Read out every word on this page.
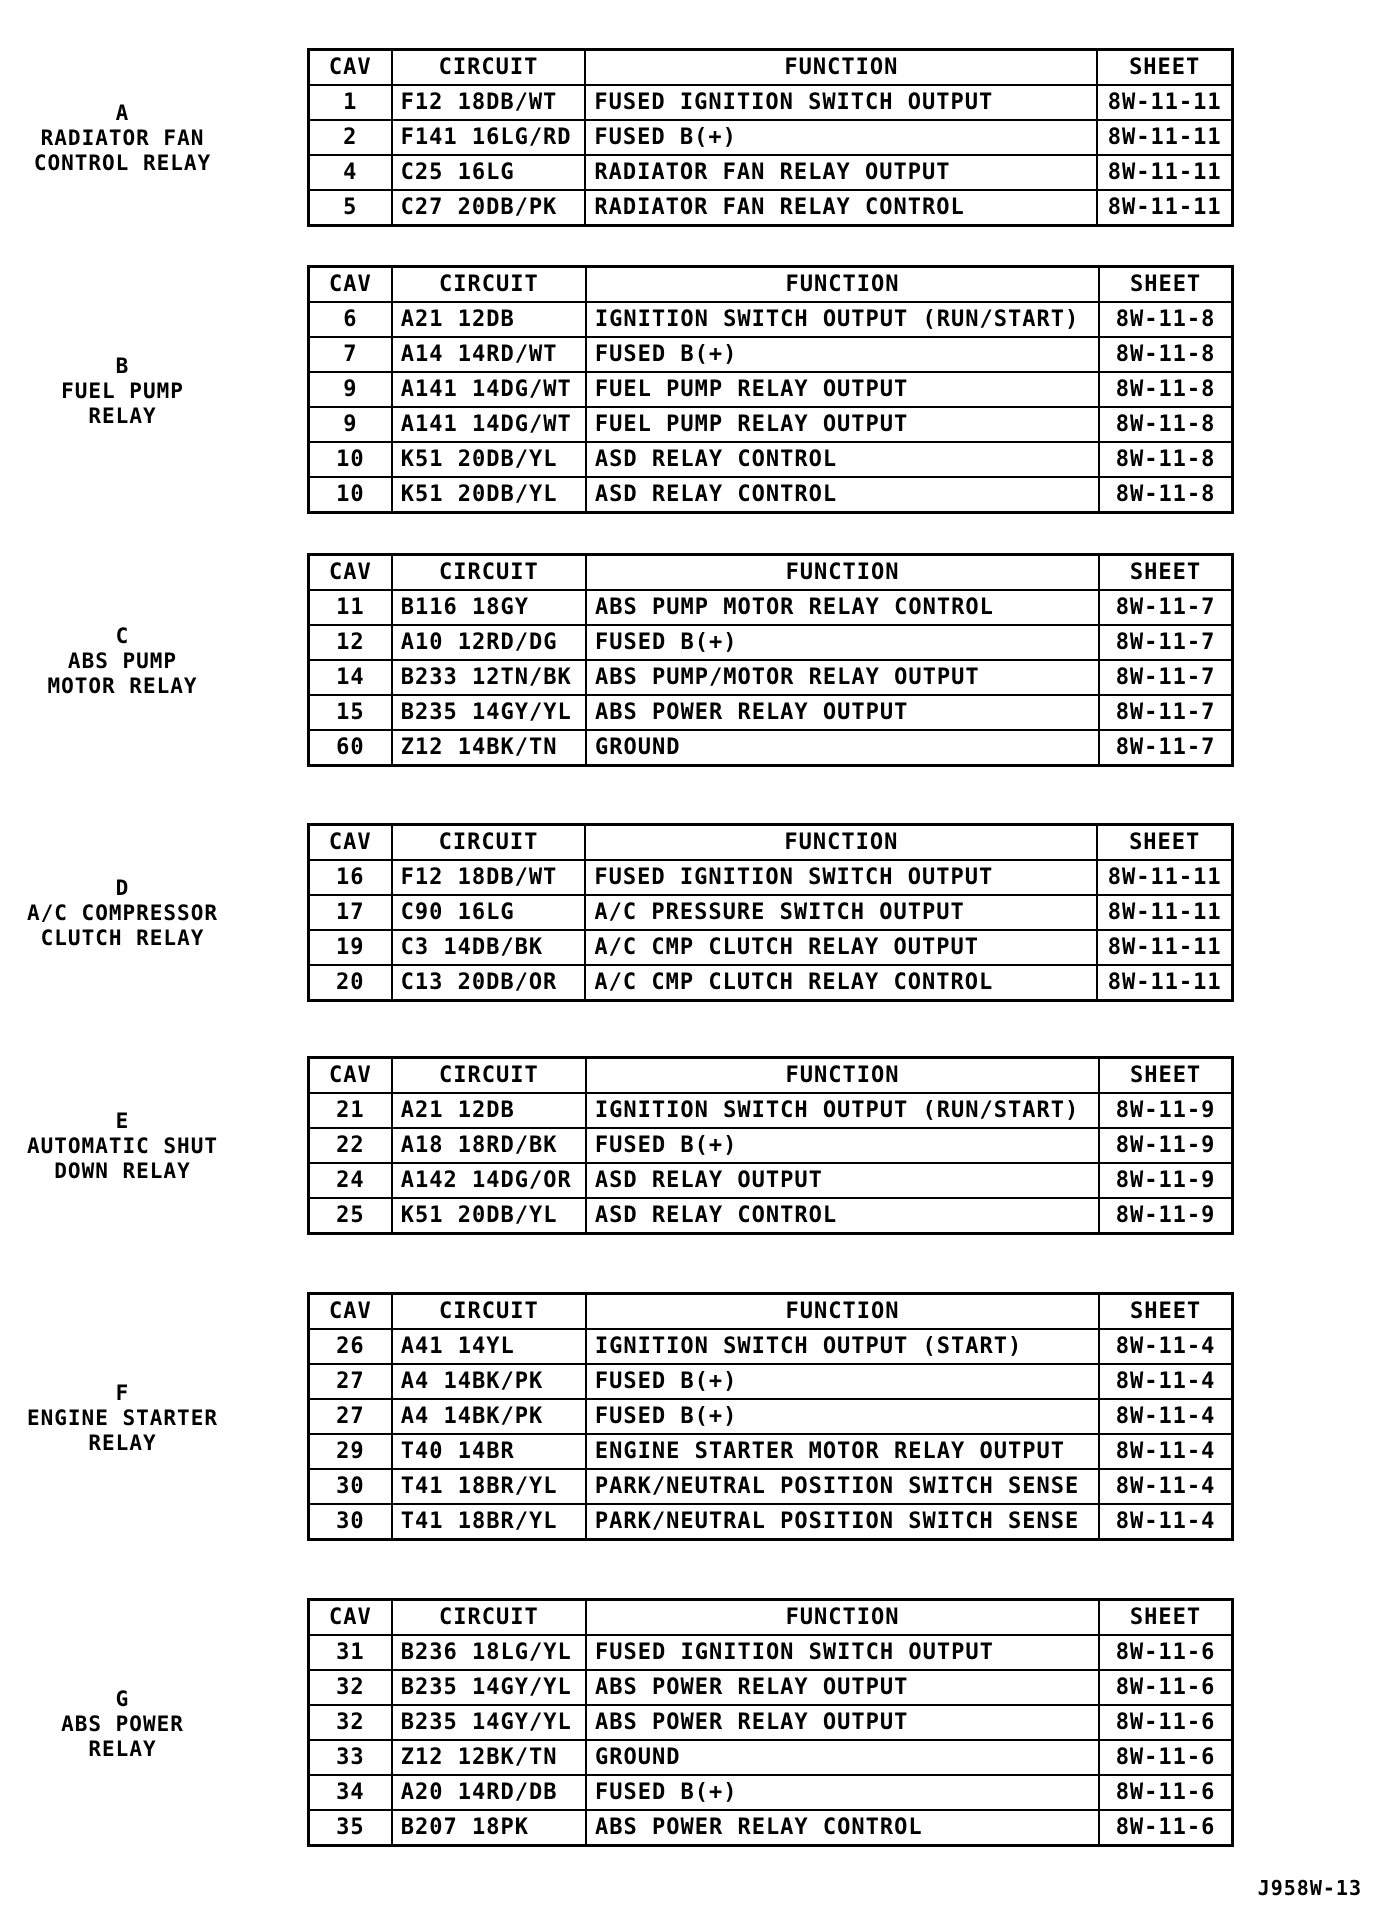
A
RADIATOR FAN
CONTROL RELAY
CAV	CIRCUIT	FUNCTION	SHEET
1	F12 18DB/WT	FUSED IGNITION SWITCH OUTPUT	8W-11-11
2	F141 16LG/RD	FUSED B(+)	8W-11-11
4	C25 16LG	RADIATOR FAN RELAY OUTPUT	8W-11-11
5	C27 20DB/PK	RADIATOR FAN RELAY CONTROL	8W-11-11
B
FUEL PUMP
RELAY
CAV	CIRCUIT	FUNCTION	SHEET
6	A21 12DB	IGNITION SWITCH OUTPUT (RUN/START)	8W-11-8
7	A14 14RD/WT	FUSED B(+)	8W-11-8
9	A141 14DG/WT	FUEL PUMP RELAY OUTPUT	8W-11-8
9	A141 14DG/WT	FUEL PUMP RELAY OUTPUT	8W-11-8
10	K51 20DB/YL	ASD RELAY CONTROL	8W-11-8
10	K51 20DB/YL	ASD RELAY CONTROL	8W-11-8
C
ABS PUMP
MOTOR RELAY
CAV	CIRCUIT	FUNCTION	SHEET
11	B116 18GY	ABS PUMP MOTOR RELAY CONTROL	8W-11-7
12	A10 12RD/DG	FUSED B(+)	8W-11-7
14	B233 12TN/BK	ABS PUMP/MOTOR RELAY OUTPUT	8W-11-7
15	B235 14GY/YL	ABS POWER RELAY OUTPUT	8W-11-7
60	Z12 14BK/TN	GROUND	8W-11-7
D
A/C COMPRESSOR
CLUTCH RELAY
CAV	CIRCUIT	FUNCTION	SHEET
16	F12 18DB/WT	FUSED IGNITION SWITCH OUTPUT	8W-11-11
17	C90 16LG	A/C PRESSURE SWITCH OUTPUT	8W-11-11
19	C3 14DB/BK	A/C CMP CLUTCH RELAY OUTPUT	8W-11-11
20	C13 20DB/OR	A/C CMP CLUTCH RELAY CONTROL	8W-11-11
E
AUTOMATIC SHUT
DOWN RELAY
CAV	CIRCUIT	FUNCTION	SHEET
21	A21 12DB	IGNITION SWITCH OUTPUT (RUN/START)	8W-11-9
22	A18 18RD/BK	FUSED B(+)	8W-11-9
24	A142 14DG/OR	ASD RELAY OUTPUT	8W-11-9
25	K51 20DB/YL	ASD RELAY CONTROL	8W-11-9
F
ENGINE STARTER
RELAY
CAV	CIRCUIT	FUNCTION	SHEET
26	A41 14YL	IGNITION SWITCH OUTPUT (START)	8W-11-4
27	A4 14BK/PK	FUSED B(+)	8W-11-4
27	A4 14BK/PK	FUSED B(+)	8W-11-4
29	T40 14BR	ENGINE STARTER MOTOR RELAY OUTPUT	8W-11-4
30	T41 18BR/YL	PARK/NEUTRAL POSITION SWITCH SENSE	8W-11-4
30	T41 18BR/YL	PARK/NEUTRAL POSITION SWITCH SENSE	8W-11-4
G
ABS POWER
RELAY
CAV	CIRCUIT	FUNCTION	SHEET
31	B236 18LG/YL	FUSED IGNITION SWITCH OUTPUT	8W-11-6
32	B235 14GY/YL	ABS POWER RELAY OUTPUT	8W-11-6
32	B235 14GY/YL	ABS POWER RELAY OUTPUT	8W-11-6
33	Z12 12BK/TN	GROUND	8W-11-6
34	A20 14RD/DB	FUSED B(+)	8W-11-6
35	B207 18PK	ABS POWER RELAY CONTROL	8W-11-6
J958W-13
